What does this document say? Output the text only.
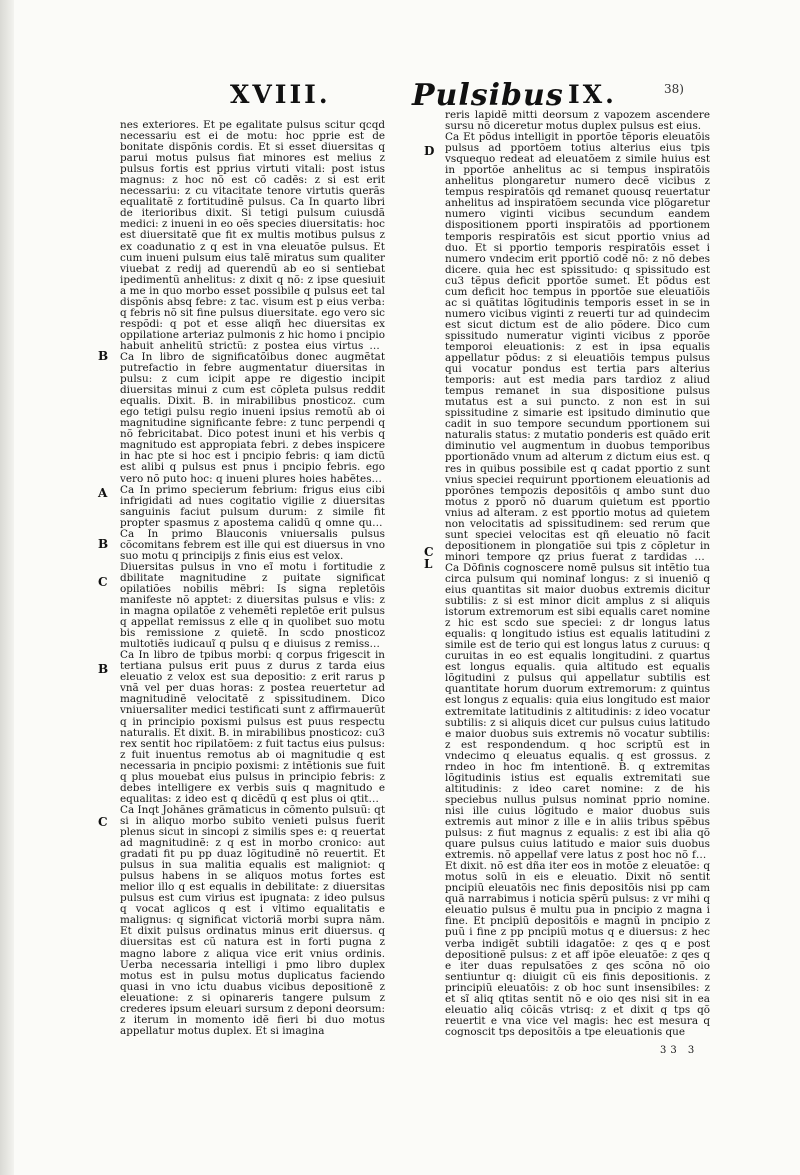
XVIII.	Pulsibus IX.	38)
B
A
B
C
B
C
D
C
L

nes exteriores. Et pe egalitate pulsus scitur qcqd necessariu est ei de motu: hoc pprie est de bonitate dispõnis cordis. Et si esset diuersitas q parui motus pulsus fiat minores est melius z pulsus fortis est pprius virtuti vitali: post istus magnus: z hoc nõ est cõ cadẽs: z si est erit necessariu: z cu vitacitate tenore virtutis querãs equalitatẽ z fortitudinẽ pulsus. Ca In quarto libri de iterioribus dixit. Si tetigi pulsum cuiusdã medici: z inueni in eo oẽs species diuersitatis: hoc est diuersitatẽ que fit ex multis motibus pulsus z ex coadunatio z q est in vna eleuatõe pulsus. Et cum inueni pulsum eius talẽ miratus sum qualiter viuebat z redij ad querendũ ab eo si sentiebat ipedimentũ anhelitus: z dixit q nõ: z ipse quesiuit a me in quo morbo esset possibile q pulsus eet tal dispõnis absq febre: z tac. visum est p eius verba: q febris nõ sit fine pulsus diuersitate. ego vero sic respõdi: q pot et esse aliqñ hec diuersitas ex oppilatione arteriaz pulmonis z hic homo i pncipio habuit anhelitũ strictũ: z postea eius virtus est

Ca In libro de significatõibus donec augmẽtat putrefactio in febre augmentatur diuersitas in pulsu: z cum icipit appe re digestio incipit diuersitas minui z cum est cõpleta pulsus reddit equalis. Dixit. B. in mirabilibus pnosticoz. cum ego tetigi pulsu regio inueni ipsius remotũ ab oi magnitudine significante febre: z tunc perpendi q nõ febricitabat. Dico potest inuni et his verbis q magnitudo est appropiata febri. z debes inspicere in hac pte si hoc est i pncipio febris: q iam dictũ est alibi q pulsus est pnus i pncipio febris. ego vero nõ puto hoc: q inueni plures hoies habẽtes in

Ca In primo specierum febrium: frigus eius cibi infrigidati ad nues cogitatio vigilie z diuersitas sanguinis faciut pulsum durum: z simile fit propter spasmus z apostema calidũ q omne quod

Ca In primo Blauconis vniuersalis pulsus cõcomitans febrem est ille qui est diuersus in vno suo motu q principijs z finis eius est velox.

Diuersitas pulsus in vno eĩ motu i fortitudie z dbilitate magnitudine z puitate significat opilatiões nobilis mẽbri: Is signa repletõis manifeste nõ apptet: z diuersitas pulsus e vlis: z in magna opilatõe z vehemẽti repletõe erit pulsus q appellat remissus z elle q in quolibet suo motu bis remissione z quietẽ. In scdo pnosticoz multotiẽs iudicauĩ q pulsu q e diuisus z remissus:

Ca In libro de tpibus morbi: q corpus frigescit in tertiana pulsus erit puus z durus z tarda eius eleuatio z velox est sua depositio: z erit rarus p vnã vel per duas horas: z postea reuertetur ad magnitudinẽ velocitatẽ z spissitudinem. Dico vniuersaliter medici testificati sunt z affirmauerũt q in principio poxismi pulsus est puus respectu naturalis. Et dixit. B. in mirabilibus pnosticoz: cu3 rex sentit hoc ripilatõem: z fuit tactus eius pulsus: z fuit inuentus remotus ab oi magnitudie q est necessaria in pncipio poxismi: z intẽtionis sue fuit q plus mouebat eius pulsus in principio febris: z debes intelligere ex verbis suis q magnitudo e equalitas: z ideo est q dicẽdũ q est plus oi qtitate

Ca Inqt Johãnes grãmaticus in cõmento pulsuũ: qt si in aliquo morbo subito venieti pulsus fuerit plenus sicut in sincopi z similis spes e: q reuertat ad magnitudinẽ: z q est in morbo cronico: aut gradati fit pu pp duaz lõgitudinẽ nõ reuertit. Et pulsus in sua malitia equalis est maligniot: q pulsus habens in se aliquos motus fortes est melior illo q est equalis in debilitate: z diuersitas pulsus est cum virius est ipugnata: z ideo pulsus q vocat aglicos q est i vltimo equalitatis e malignus: q significat victoriã morbi supra nãm. Et dixit pulsus ordinatus minus erit diuersus. q diuersitas est cũ natura est in forti pugna z magno labore z aliqua vice erit vnius ordinis. Uerba necessaria intelligi i pmo libro duplex motus est in pulsu motus duplicatus faciendo quasi in vno ictu duabus vicibus depositionẽ z eleuatione: z si opinareris tangere pulsum z crederes ipsum eleuari sursum z deponi deorsum: z iterum in momento idẽ fieri bi duo motus appellatur motus duplex. Et si imagina

reris lapidẽ mitti deorsum z vapozem ascendere sursu nõ diceretur motus duplex pulsus est eius.

Ca Et põdus intelligit in pportõe tẽporis eleuatõis pulsus ad pportõem totius alterius eius tpis vsquequo redeat ad eleuatõem z simile huius est in pportõe anhelitus ac si tempus inspiratõis anhelitus plongaretur numero decẽ vicibus z tempus respiratõis qd remanet quousq reuertatur anhelitus ad inspiratõem secunda vice plõgaretur numero viginti vicibus secundum eandem dispositionem pporti inspiratõis ad pportionem temporis respiratõis est sicut pportio vnius ad duo. Et si pportio temporis respiratõis esset i numero vndecim erit pportiõ codẽ nõ: z nõ debes dicere. quia hec est spissitudo: q spissitudo est cu3 tẽpus deficit pportõe sumet. Et põdus est cum deficit hoc tempus in pportõe sue eleuatiõis ac si quãtitas lõgitudinis temporis esset in se in numero vicibus viginti z reuerti tur ad quindecim est sicut dictum est de alio põdere. Dico cum spissitudo numeratur viginti vicibus z pporõe temporoi eleuationis: z est in ipsa equalis appellatur põdus: z si eleuatiõis tempus pulsus qui vocatur pondus est tertia pars alterius temporis: aut est media pars tardioz z aliud tempus remanet in sua dispositione pulsus mutatus est a sui puncto. z non est in sui spissitudine z simarie est ipsitudo diminutio que cadit in suo tempore secundum pportionem sui naturalis status: z mutatio ponderis est quãdo erit diminutio vel augmentum in duobus temporibus pportionãdo vnum ad alterum z dictum eius est. q res in quibus possibile est q cadat pportio z sunt vnius speciei requirunt pportionem eleuationis ad pporõnes tempozis depositõis q ambo sunt duo motus z pporõ nõ duarum quietum est pportio vnius ad alteram. z est pportio motus ad quietem non velocitatis ad spissitudinem: sed rerum que sunt speciei velocitas est qñ eleuatio nõ facit depositionem in plongatiõe sui tpis z cõpletur in minori tempore qz prius fuerat z tardidas est

Ca Dõfinis cognoscere nomẽ pulsus sit intẽtio tua circa pulsum qui nominaf longus: z si inueniõ q eius quantitas sit maior duobus extremis dicitur subtilis: z si est minor dicit amplus z si aliquis istorum extremorum est sibi equalis caret nomine z hic est scdo sue speciei: z dr longus latus equalis: q longitudo istius est equalis latitudini z simile est de terio qui est longus latus z curuus: q curuitas in eo est equalis longitudini. z quartus est longus equalis. quia altitudo est equalis lõgitudini z pulsus qui appellatur subtilis est quantitate horum duorum extremorum: z quintus est longus z equalis: quia eius longitudo est maior extremitate latitudinis z altitudinis: z ideo vocatur subtilis: z si aliquis dicet cur pulsus cuius latitudo e maior duobus suis extremis nõ vocatur subtilis: z est respondendum. q hoc scriptũ est in vndecimo q eleuatus equalis. q est grossus. z rndeo in hoc fm intentionẽ. B. q extremitas lõgitudinis istius est equalis extremitati sue altitudinis: z ideo caret nomine: z de his speciebus nullus pulsus nominat pprio nomine. nisi ille cuius lõgitudo e maior duobus suis extremis aut minor z ille e in aliis tribus spẽbus pulsus: z fiut magnus z equalis: z est ibi alia qõ quare pulsus cuius latitudo e maior suis duobus extremis. nõ appellaf vere latus z post hoc nõ fuit

Et dixit. nõ est dña iter eos in motõe z eleuatõe: q motus solũ in eis e eleuatio. Dixit nõ sentit pncipiũ eleuatõis nec finis depositõis nisi pp cam quã narrabimus i noticia spẽrũ pulsus: z vr mihi q eleuatio pulsus ẽ multu pua in pncipio z magna i fine. Et pncipiũ depositõis e magnũ in pncipio z puũ i fine z pp pncipiũ motus q e diuersus: z hec verba indigẽt subtili idagatõe: z qes q e post depositionẽ pulsus: z et aff ipõe eleuatõe: z qes q e iter duas repulsatões z qes scõna nõ oio sentiuntur q: diuigit cũ eis finis depositionis. z principiũ eleuatõis: z ob hoc sunt insensibiles: z et sĩ aliq qtitas sentit nõ e oio qes nisi sit in ea eleuatio aliq cõicãs vtrisq: z et dixit q tps qõ reuertit e vna vice vel magis: hec est mesura q cognoscit tps depositõis a tpe eleuationis que

33 3
